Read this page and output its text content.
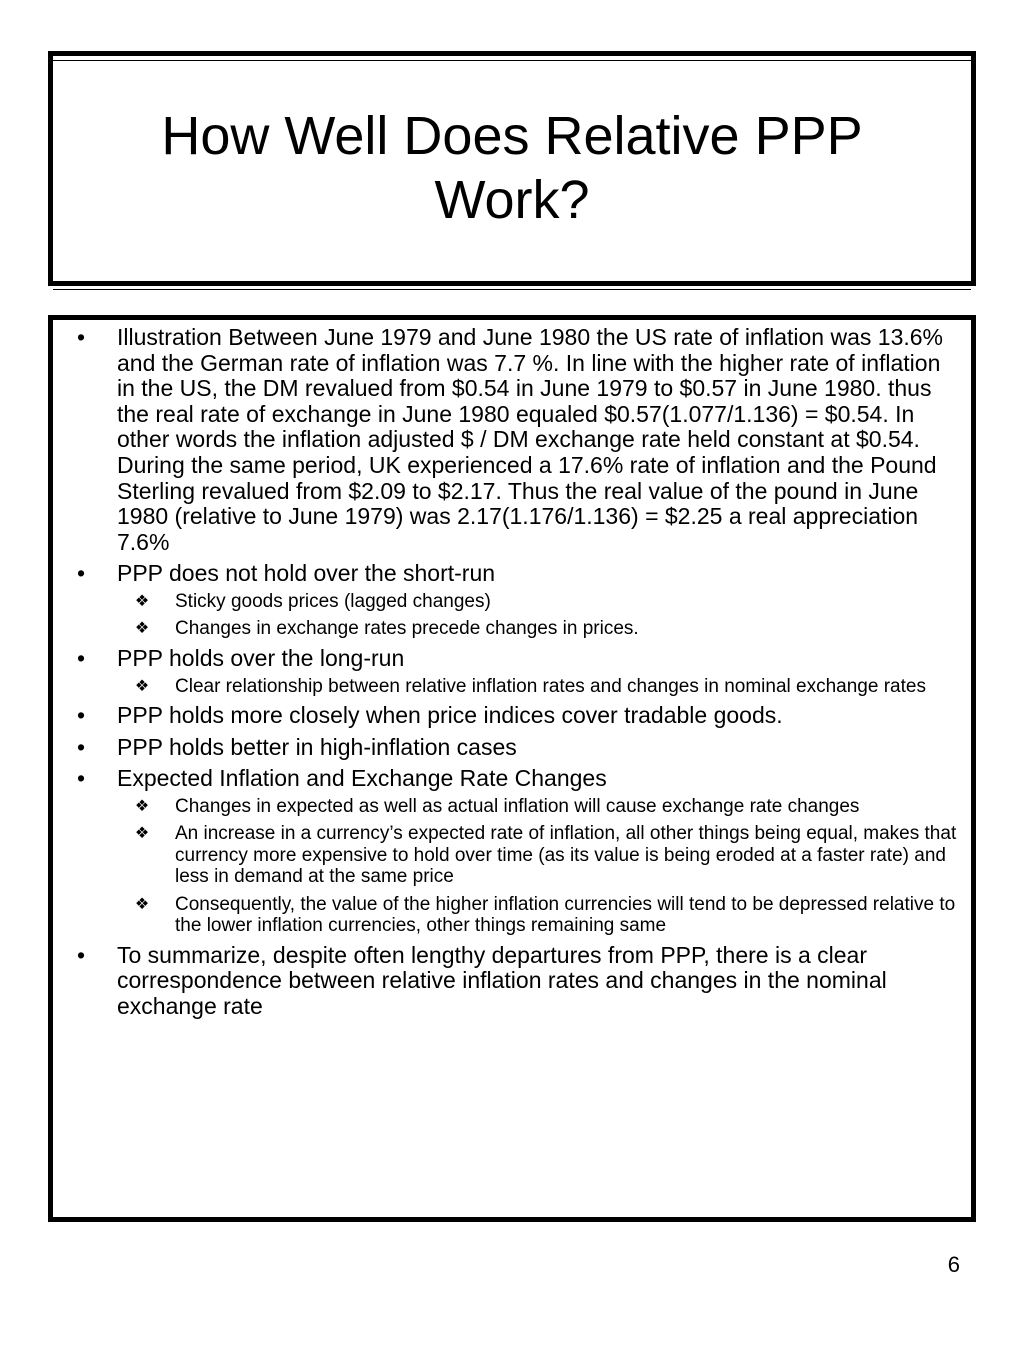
How Well Does Relative PPP Work?
• Illustration Between June 1979 and June 1980 the US rate of inflation was 13.6% and the German rate of inflation was 7.7 %. In line with the higher rate of inflation in the US, the DM revalued from $0.54 in June 1979 to $0.57 in June 1980. thus the real rate of exchange in June 1980 equaled $0.57(1.077/1.136) = $0.54. In other words the inflation adjusted $ / DM exchange rate held constant at $0.54. During the same period, UK experienced a 17.6% rate of inflation and the Pound Sterling revalued from $2.09 to $2.17. Thus the real value of the pound in June 1980 (relative to June 1979) was 2.17(1.176/1.136) = $2.25 a real appreciation 7.6%
• PPP does not hold over the short-run
❖ Sticky goods prices (lagged changes)
❖ Changes in exchange rates precede changes in prices.
• PPP holds over the long-run
❖ Clear relationship between relative inflation rates and changes in nominal exchange rates
• PPP holds more closely when price indices cover tradable goods.
• PPP holds better in high-inflation cases
• Expected Inflation and Exchange Rate Changes
❖ Changes in expected as well as actual inflation will cause exchange rate changes
❖ An increase in a currency’s expected rate of inflation, all other things being equal, makes that currency more expensive to hold over time (as its value is being eroded at a faster rate) and less in demand at the same price
❖ Consequently, the value of the higher inflation currencies will tend to be depressed relative to the lower inflation currencies, other things remaining same
• To summarize, despite often lengthy departures from PPP, there is a clear correspondence between relative inflation rates and changes in the nominal exchange rate
6
